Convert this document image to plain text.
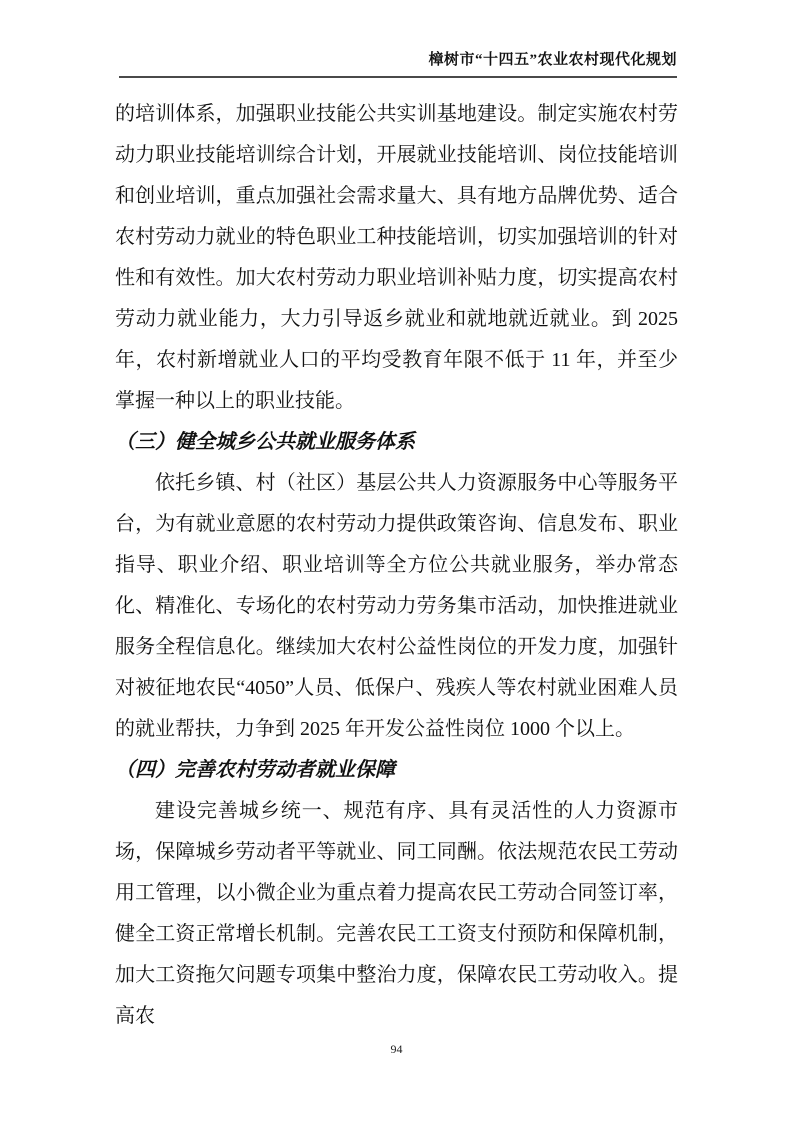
樟树市“十四五”农业农村现代化规划

的培训体系，加强职业技能公共实训基地建设。制定实施农村劳动力职业技能培训综合计划，开展就业技能培训、岗位技能培训和创业培训，重点加强社会需求量大、具有地方品牌优势、适合农村劳动力就业的特色职业工种技能培训，切实加强培训的针对性和有效性。加大农村劳动力职业培训补贴力度，切实提高农村劳动力就业能力，大力引导返乡就业和就地就近就业。到 2025 年，农村新增就业人口的平均受教育年限不低于 11 年，并至少掌握一种以上的职业技能。

（三）健全城乡公共就业服务体系

依托乡镇、村（社区）基层公共人力资源服务中心等服务平台，为有就业意愿的农村劳动力提供政策咨询、信息发布、职业指导、职业介绍、职业培训等全方位公共就业服务，举办常态化、精准化、专场化的农村劳动力劳务集市活动，加快推进就业服务全程信息化。继续加大农村公益性岗位的开发力度，加强针对被征地农民“4050”人员、低保户、残疾人等农村就业困难人员的就业帮扶，力争到 2025 年开发公益性岗位 1000 个以上。

（四）完善农村劳动者就业保障

建设完善城乡统一、规范有序、具有灵活性的人力资源市场，保障城乡劳动者平等就业、同工同酬。依法规范农民工劳动用工管理，以小微企业为重点着力提高农民工劳动合同签订率，健全工资正常增长机制。完善农民工工资支付预防和保障机制，加大工资拖欠问题专项集中整治力度，保障农民工劳动收入。提高农

94
